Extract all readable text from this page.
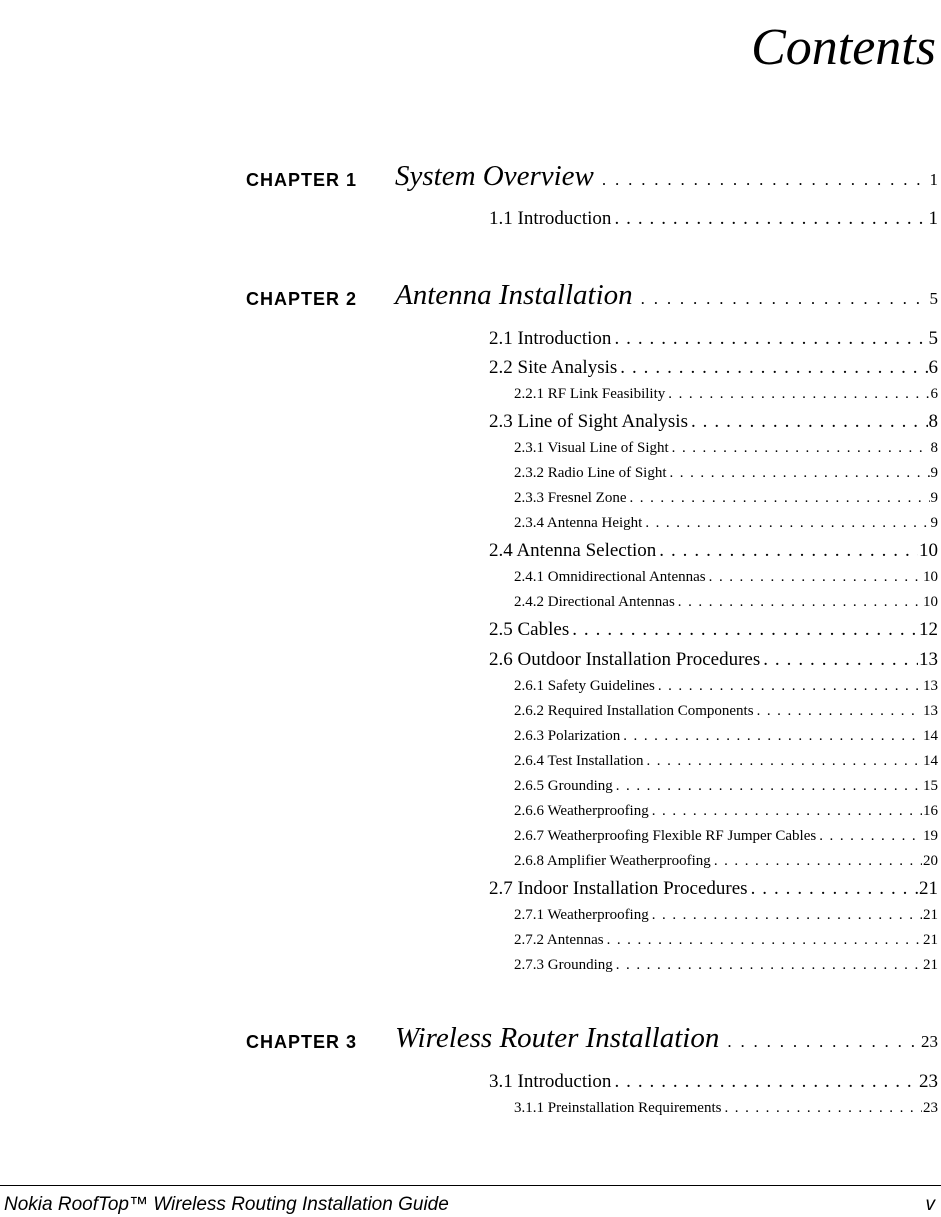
Contents
CHAPTER 1 System Overview . . .	1
1.1 Introduction . . .	1
CHAPTER 2 Antenna Installation . . .	5
2.1 Introduction . . .	5
2.2 Site Analysis . . .	6
2.2.1 RF Link Feasibility . . .	6
2.3 Line of Sight Analysis . . .	8
2.3.1 Visual Line of Sight . . .	8
2.3.2 Radio Line of Sight . . .	9
2.3.3 Fresnel Zone . . .	9
2.3.4 Antenna Height . . .	9
2.4 Antenna Selection . . .	10
2.4.1 Omnidirectional Antennas . . .	10
2.4.2 Directional Antennas . . .	10
2.5 Cables . . .	12
2.6 Outdoor Installation Procedures . . .	13
2.6.1 Safety Guidelines . . .	13
2.6.2 Required Installation Components . . .	13
2.6.3 Polarization . . .	14
2.6.4 Test Installation . . .	14
2.6.5 Grounding . . .	15
2.6.6 Weatherproofing . . .	16
2.6.7 Weatherproofing Flexible RF Jumper Cables . . .	19
2.6.8 Amplifier Weatherproofing . . .	20
2.7 Indoor Installation Procedures . . .	21
2.7.1 Weatherproofing . . .	21
2.7.2 Antennas . . .	21
2.7.3 Grounding . . .	21
CHAPTER 3 Wireless Router Installation . . .	23
3.1 Introduction . . .	23
3.1.1 Preinstallation Requirements . . .	23
Nokia RoofTop™ Wireless Routing Installation Guide	v
